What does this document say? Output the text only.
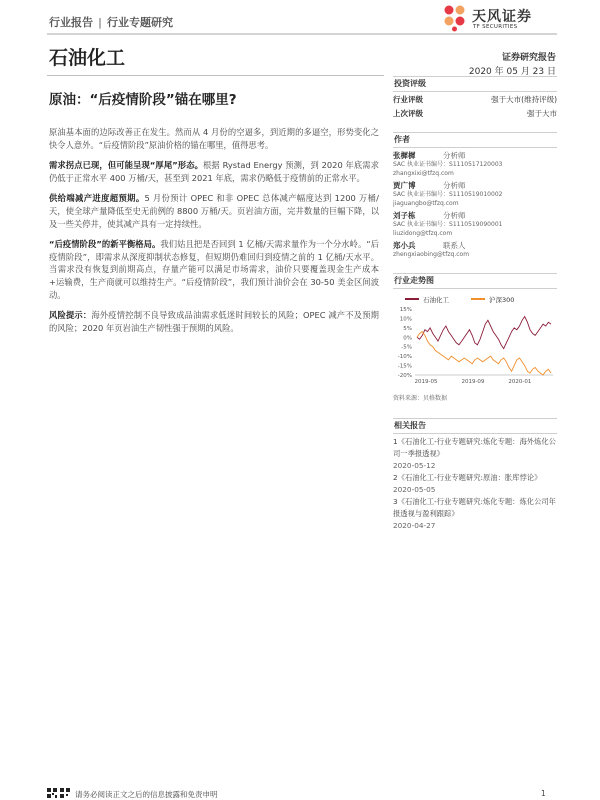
行业报告 | 行业专题研究	天风证券
TF SECURITIES
石油化工	证券研究报告
2020 年 05 月 23 日
原油：“后疫情阶段”锚在哪里?

原油基本面的边际改善正在发生。然而从 4 月份的空逼多，到近期的多逼空，形势变化之快令人意外。“后疫情阶段”原油价格的锚在哪里，值得思考。

需求拐点已现，但可能呈现“厚尾”形态。根据 Rystad Energy 预测，到 2020 年底需求仍低于正常水平 400 万桶/天，甚至到 2021 年底，需求仍略低于疫情前的正常水平。

供给端减产进度超预期。5 月份预计 OPEC 和非 OPEC 总体减产幅度达到 1200 万桶/天，使全球产量降低至史无前例的 8800 万桶/天。页岩油方面，完井数量的巨幅下降，以及一些关停井，使其减产具有一定持续性。

“后疫情阶段”的新平衡格局。我们姑且把是否回到 1 亿桶/天需求量作为一个分水岭。“后疫情阶段”，即需求从深度抑制状态修复，但短期仍难回归到疫情之前的 1 亿桶/天水平。当需求没有恢复到前期高点，存量产能可以满足市场需求，油价只要覆盖现金生产成本+运输费，生产商就可以维持生产。“后疫情阶段”，我们预计油价会在 30-50 美金区间波动。

风险提示：海外疫情控制不良导致成品油需求低迷时间较长的风险；OPEC 减产不及预期的风险；2020 年页岩油生产韧性强于预期的风险。

投资评级
行业评级	强于大市(维持评级)
上次评级	强于大市
作者
张樨樨	分析师
SAC 执业证书编号：S1110517120003
zhangxixi@tfzq.com
贾广博	分析师
SAC 执业证书编号：S1110519010002
jiaguangbo@tfzq.com
刘子栋	分析师
SAC 执业证书编号：S1110519090001
liuzidong@tfzq.com
郑小兵	联系人
zhengxiaobing@tfzq.com
行业走势图
石油化工	沪深300
15%
10%
5%
0%
-5%
-10%
-15%
-20%
2019-05	2019-09	2020-01
资料来源：贝格数据
相关报告
1《石油化工-行业专题研究:炼化专题：海外炼化公司一季报透视》
2020-05-12
2《石油化工-行业专题研究:原油：胀库悖论》
2020-05-05
3《石油化工-行业专题研究:炼化专题：炼化公司年报透视与盈利跟踪》
2020-04-27
请务必阅读正文之后的信息披露和免责申明	1
